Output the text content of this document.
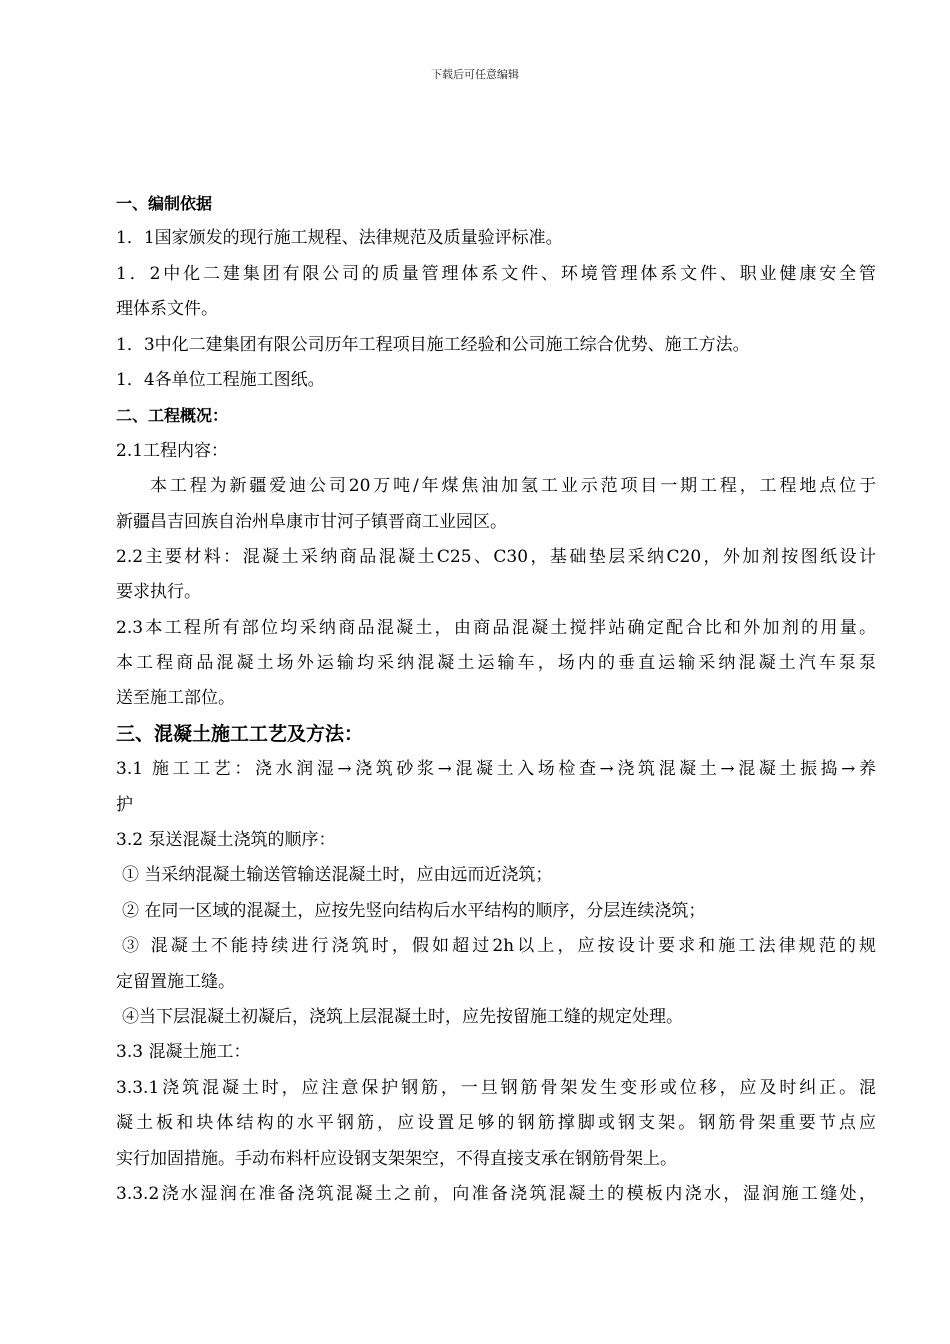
下载后可任意编辑
一、编制依据
1．1国家颁发的现行施工规程、法律规范及质量验评标准。
1．2中化二建集团有限公司的质量管理体系文件、环境管理体系文件、职业健康安全管
理体系文件。
1．3中化二建集团有限公司历年工程项目施工经验和公司施工综合优势、施工方法。
1．4各单位工程施工图纸。
二、工程概况：
2.1工程内容：
本工程为新疆爱迪公司20万吨/年煤焦油加氢工业示范项目一期工程，工程地点位于
新疆昌吉回族自治州阜康市甘河子镇晋商工业园区。
2.2主要材料：混凝土采纳商品混凝土C25、C30，基础垫层采纳C20，外加剂按图纸设计
要求执行。
2.3本工程所有部位均采纳商品混凝土，由商品混凝土搅拌站确定配合比和外加剂的用量。
本工程商品混凝土场外运输均采纳混凝土运输车，场内的垂直运输采纳混凝土汽车泵泵
送至施工部位。
三、混凝土施工工艺及方法：
3.1 施工工艺：浇水润湿→浇筑砂浆→混凝土入场检查→浇筑混凝土→混凝土振捣→养
护
3.2 泵送混凝土浇筑的顺序：
① 当采纳混凝土输送管输送混凝土时，应由远而近浇筑；
② 在同一区域的混凝土，应按先竖向结构后水平结构的顺序，分层连续浇筑；
③ 混凝土不能持续进行浇筑时，假如超过2h以上，应按设计要求和施工法律规范的规
定留置施工缝。
④当下层混凝土初凝后，浇筑上层混凝土时，应先按留施工缝的规定处理。
3.3 混凝土施工：
3.3.1浇筑混凝土时，应注意保护钢筋，一旦钢筋骨架发生变形或位移，应及时纠正。混
凝土板和块体结构的水平钢筋，应设置足够的钢筋撑脚或钢支架。钢筋骨架重要节点应
实行加固措施。手动布料杆应设钢支架架空，不得直接支承在钢筋骨架上。
3.3.2浇水湿润在准备浇筑混凝土之前，向准备浇筑混凝土的模板内浇水，湿润施工缝处，
